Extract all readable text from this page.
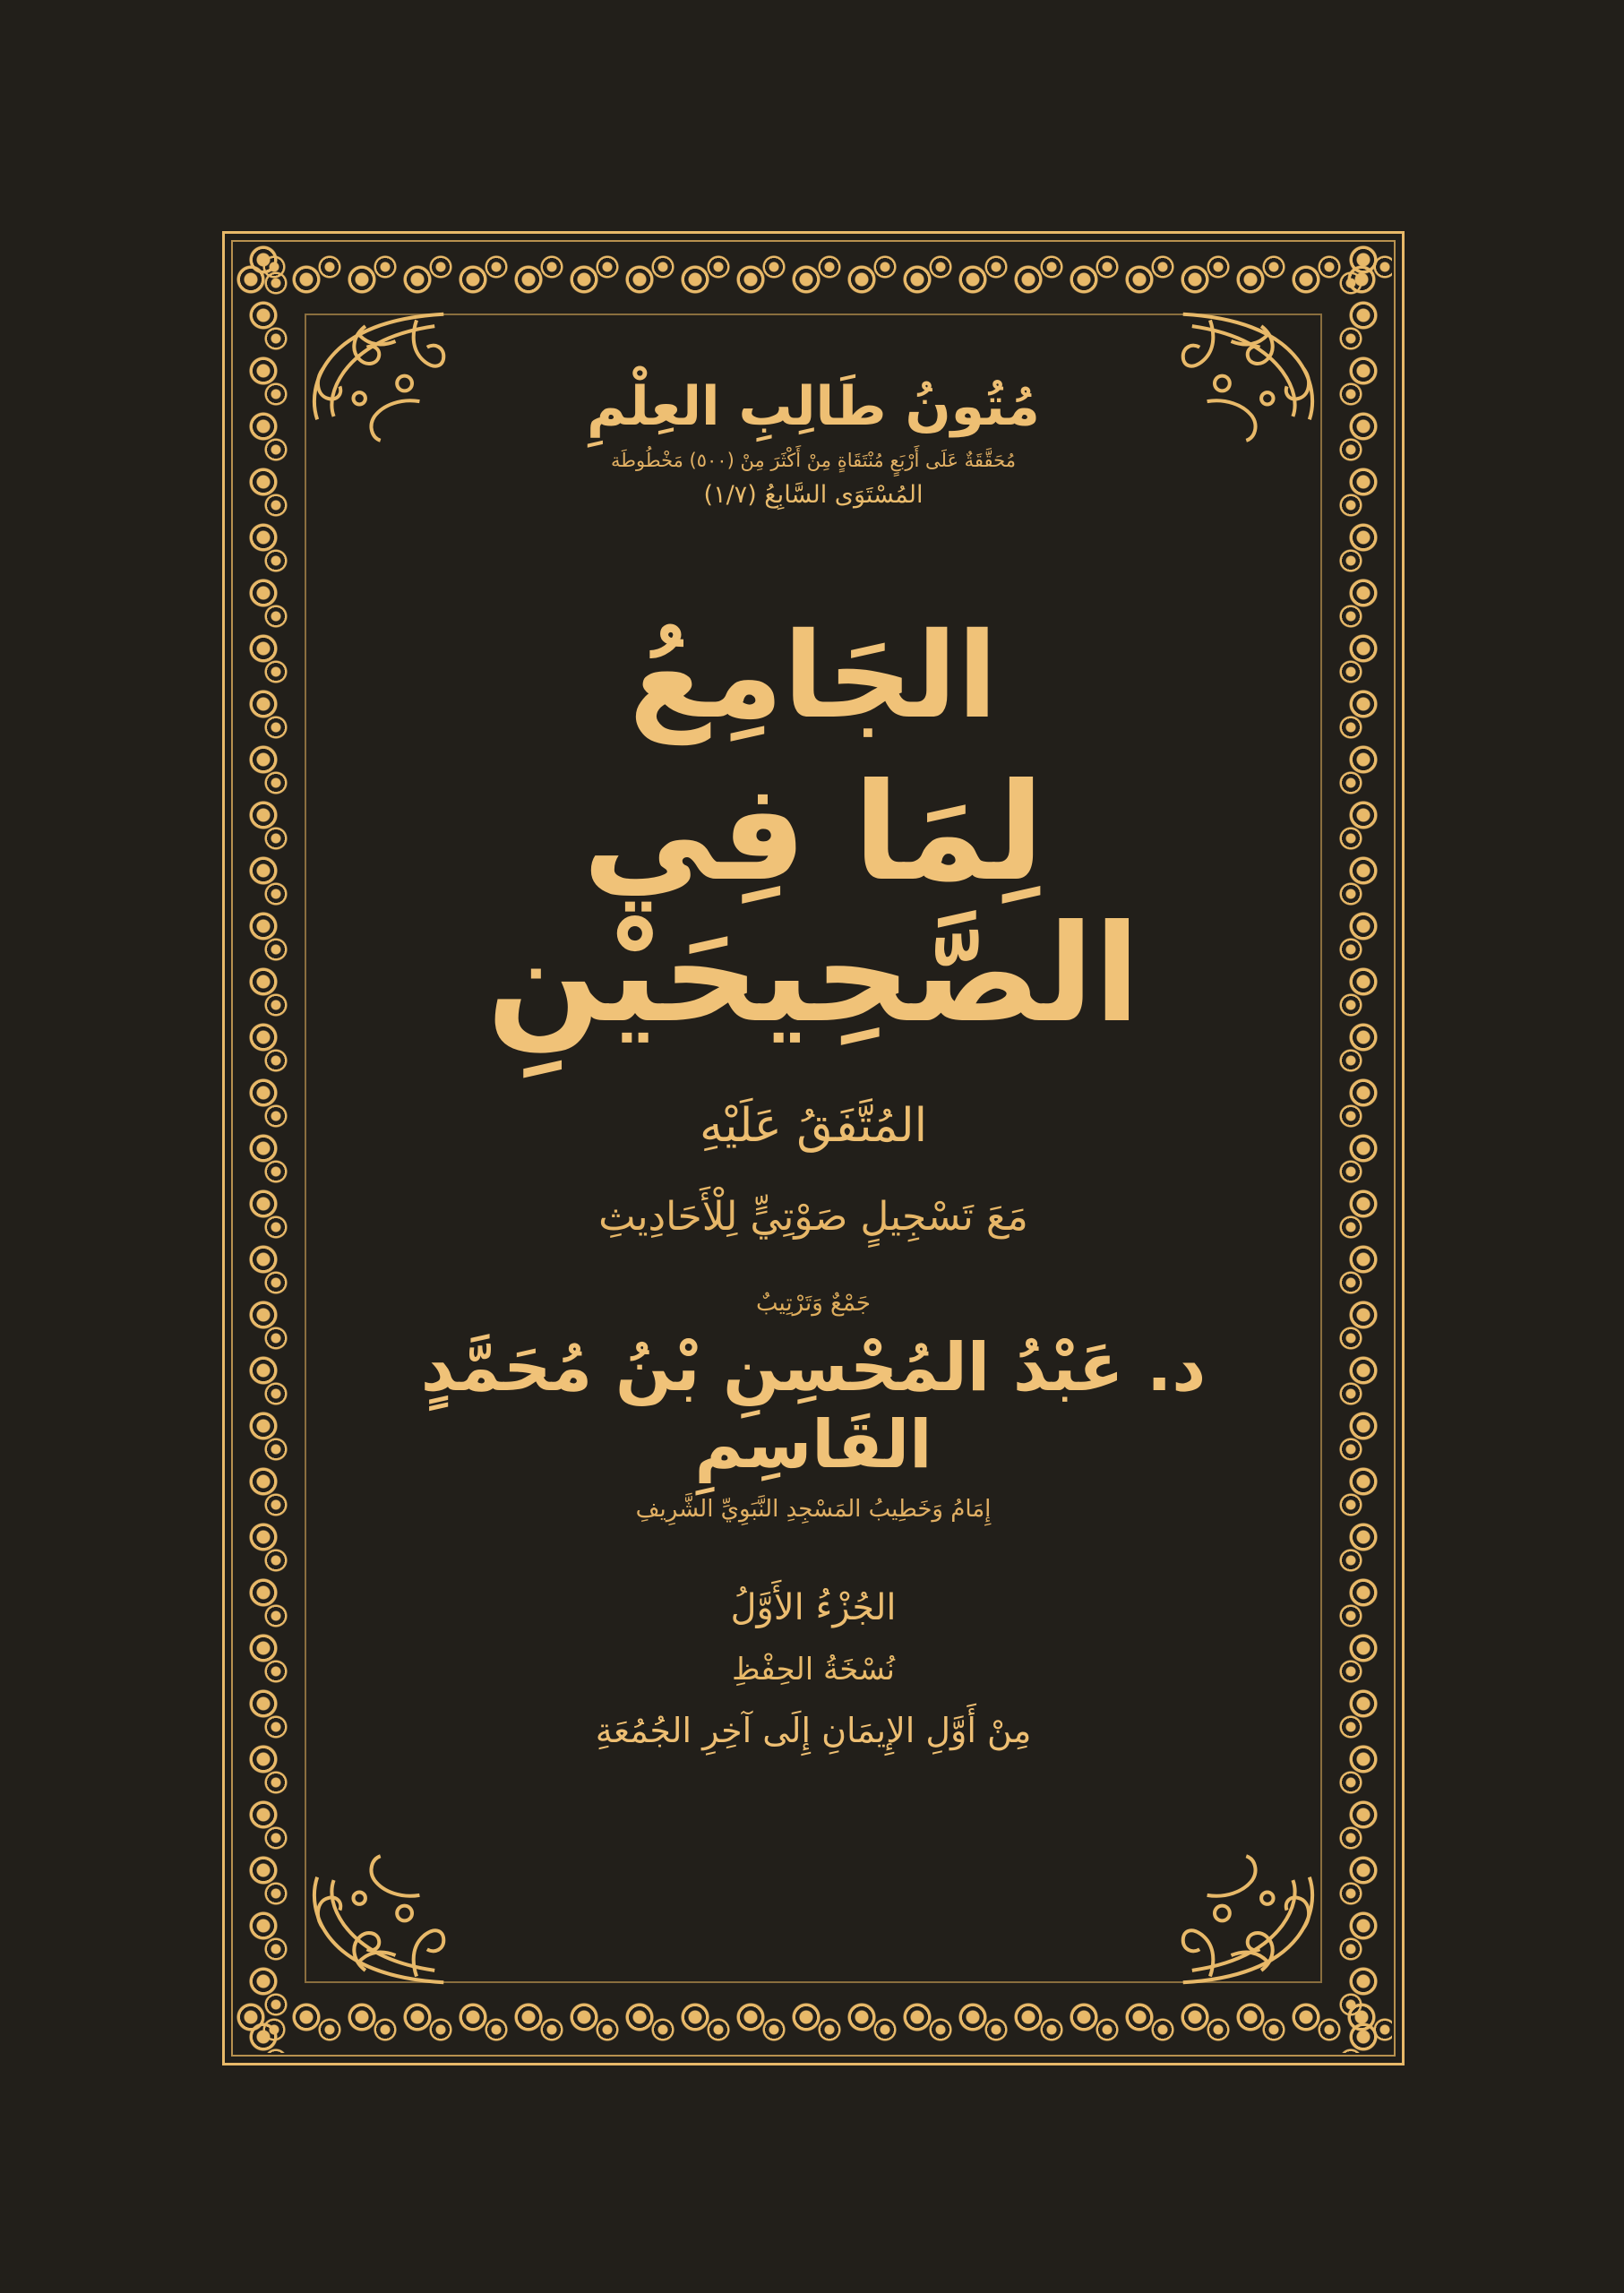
مُتُونُ طَالِبِ العِلْمِ
مُحَقَّقَةٌ عَلَى أَرْبَعٍ مُنْتَقَاةٍ مِنْ أَكْثَرَ مِنْ (٥٠٠) مَخْطُوطَة
المُسْتَوَى السَّابِعُ (١/٧)
الجَامِعُ
لِمَا فِي الصَّحِيحَيْنِ
المُتَّفَقُ عَلَيْهِ
مَعَ تَسْجِيلٍ صَوْتِيٍّ لِلْأَحَادِيثِ
جَمْعٌ وَتَرْتِيبٌ
د. عَبْدُ المُحْسِنِ بْنُ مُحَمَّدٍ القَاسِمِ
إِمَامُ وَخَطِيبُ المَسْجِدِ النَّبَوِيِّ الشَّرِيفِ
الجُزْءُ الأَوَّلُ
نُسْخَةُ الحِفْظِ
مِنْ أَوَّلِ الإِيمَانِ إِلَى آخِرِ الجُمُعَةِ
